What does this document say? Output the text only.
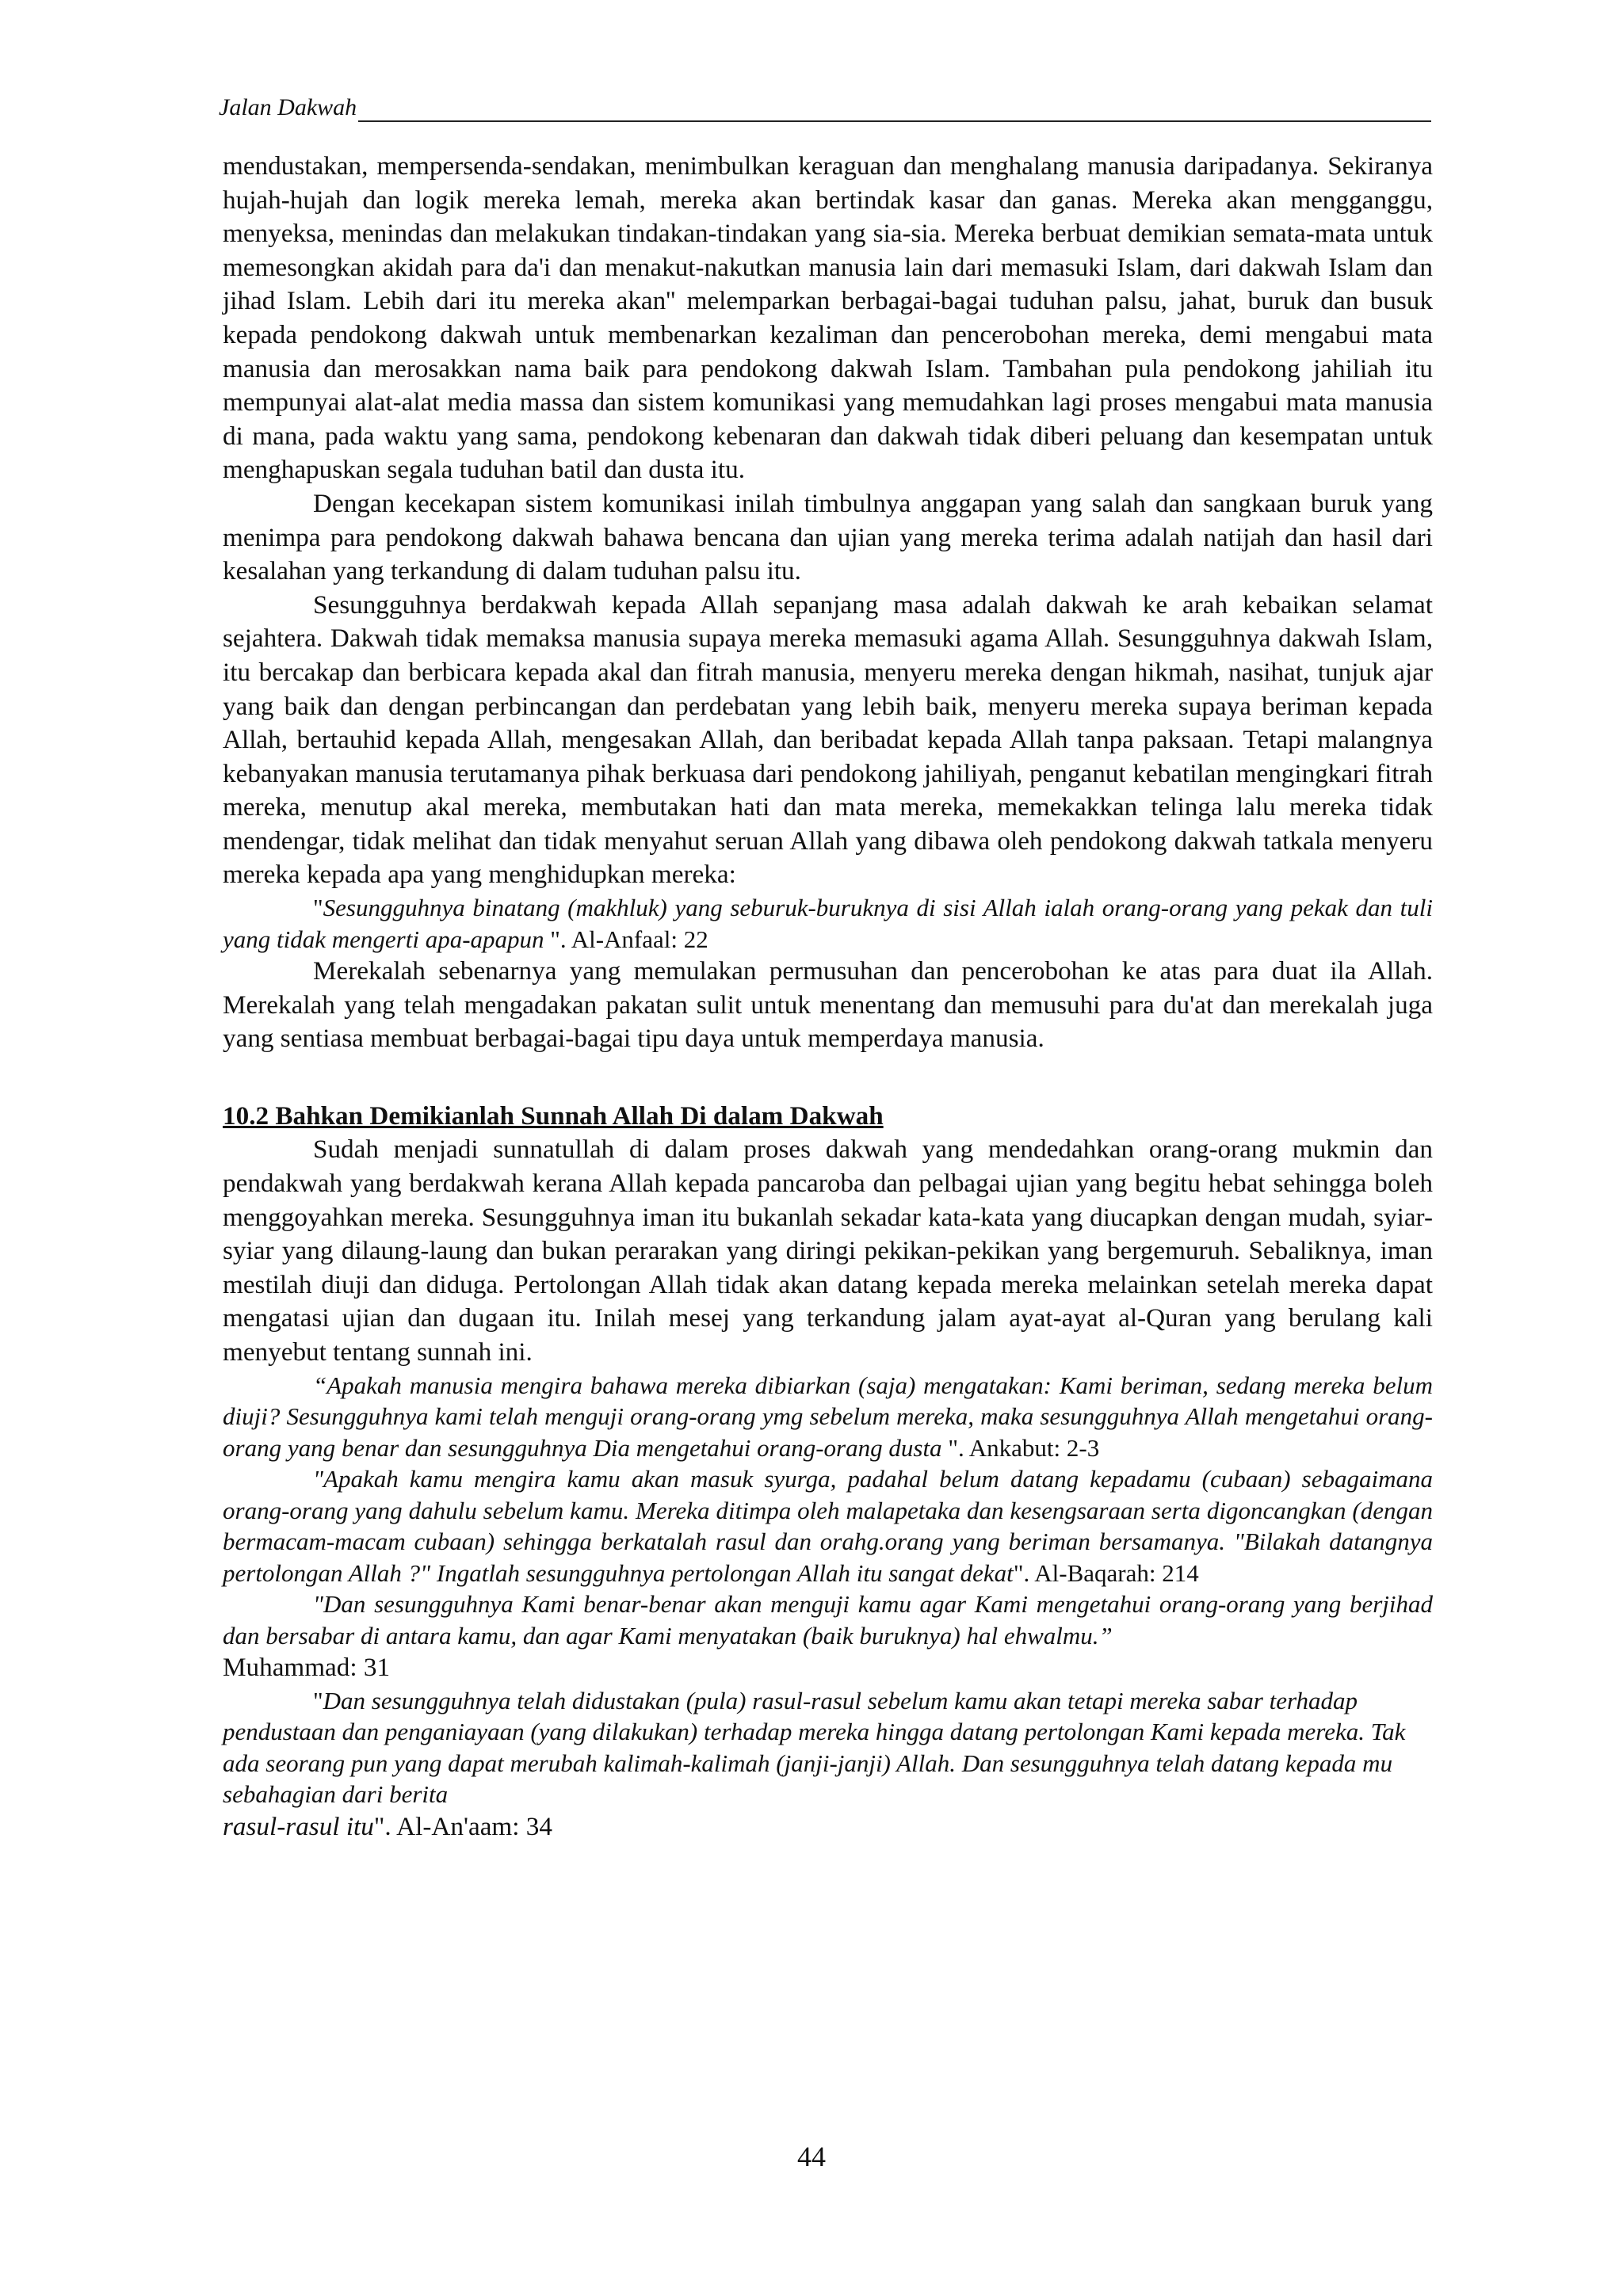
Jalan Dakwah

mendustakan, mempersenda-sendakan, menimbulkan keraguan dan menghalang manusia daripadanya. Sekiranya hujah-hujah dan logik mereka lemah, mereka akan bertindak kasar dan ganas. Mereka akan mengganggu, menyeksa, menindas dan melakukan tindakan-tindakan yang sia-sia. Mereka berbuat demikian semata-mata untuk memesongkan akidah para da'i dan menakut-nakutkan manusia lain dari memasuki Islam, dari dakwah Islam dan jihad Islam. Lebih dari itu mereka akan'' melemparkan berbagai-bagai tuduhan palsu, jahat, buruk dan busuk kepada pendokong dakwah untuk membenarkan kezaliman dan pencerobohan mereka, demi mengabui mata manusia dan merosakkan nama baik para pendokong dakwah Islam. Tambahan pula pendokong jahiliah itu mempunyai alat-alat media massa dan sistem komunikasi yang memudahkan lagi proses mengabui mata manusia di mana, pada waktu yang sama, pendokong kebenaran dan dakwah tidak diberi peluang dan kesempatan untuk menghapuskan segala tuduhan batil dan dusta itu.

Dengan kecekapan sistem komunikasi inilah timbulnya anggapan yang salah dan sangkaan buruk yang menimpa para pendokong dakwah bahawa bencana dan ujian yang mereka terima adalah natijah dan hasil dari kesalahan yang terkandung di dalam tuduhan palsu itu.

Sesungguhnya berdakwah kepada Allah sepanjang masa adalah dakwah ke arah kebaikan selamat sejahtera. Dakwah tidak memaksa manusia supaya mereka memasuki agama Allah. Sesungguhnya dakwah Islam, itu bercakap dan berbicara kepada akal dan fitrah manusia, menyeru mereka dengan hikmah, nasihat, tunjuk ajar yang baik dan dengan perbincangan dan perdebatan yang lebih baik, menyeru mereka supaya beriman kepada Allah, bertauhid kepada Allah, mengesakan Allah, dan beribadat kepada Allah tanpa paksaan. Tetapi malangnya kebanyakan manusia terutamanya pihak berkuasa dari pendokong jahiliyah, penganut kebatilan mengingkari fitrah mereka, menutup akal mereka, membutakan hati dan mata mereka, memekakkan telinga lalu mereka tidak mendengar, tidak melihat dan tidak menyahut seruan Allah yang dibawa oleh pendokong dakwah tatkala menyeru mereka kepada apa yang menghidupkan mereka:

"Sesungguhnya binatang (makhluk) yang seburuk-buruknya di sisi Allah ialah orang-orang yang pekak dan tuli yang tidak mengerti apa-apapun ". Al-Anfaal: 22

Merekalah sebenarnya yang memulakan permusuhan dan pencerobohan ke atas para duat ila Allah. Merekalah yang telah mengadakan pakatan sulit untuk menentang dan memusuhi para du'at dan merekalah juga yang sentiasa membuat berbagai-bagai tipu daya untuk memperdaya manusia.

10.2 Bahkan Demikianlah Sunnah Allah Di dalam Dakwah

Sudah menjadi sunnatullah di dalam proses dakwah yang mendedahkan orang-orang mukmin dan pendakwah yang berdakwah kerana Allah kepada pancaroba dan pelbagai ujian yang begitu hebat sehingga boleh menggoyahkan mereka. Sesungguhnya iman itu bukanlah sekadar kata-kata yang diucapkan dengan mudah, syiar-syiar yang dilaung-laung dan bukan perarakan yang diringi pekikan-pekikan yang bergemuruh. Sebaliknya, iman mestilah diuji dan diduga. Pertolongan Allah tidak akan datang kepada mereka melainkan setelah mereka dapat mengatasi ujian dan dugaan itu. Inilah mesej yang terkandung jalam ayat-ayat al-Quran yang berulang kali menyebut tentang sunnah ini.

“Apakah manusia mengira bahawa mereka dibiarkan (saja) mengatakan: Kami beriman, sedang mereka belum diuji? Sesungguhnya kami telah menguji orang-orang ymg sebelum mereka, maka sesungguhnya Allah mengetahui orang-orang yang benar dan sesungguhnya Dia mengetahui orang-orang dusta ". Ankabut: 2-3

"Apakah kamu mengira kamu akan masuk syurga, padahal belum datang kepadamu (cubaan) sebagaimana orang-orang yang dahulu sebelum kamu. Mereka ditimpa oleh malapetaka dan kesengsaraan serta digoncangkan (dengan bermacam-macam cubaan) sehingga berkatalah rasul dan orahg.orang yang beriman bersamanya. "Bilakah datangnya pertolongan Allah ?" Ingatlah sesungguhnya pertolongan Allah itu sangat dekat". Al-Baqarah: 214

"Dan sesungguhnya Kami benar-benar akan menguji kamu agar Kami mengetahui orang-orang yang berjihad dan bersabar di antara kamu, dan agar Kami menyatakan (baik buruknya) hal ehwalmu.”

Muhammad: 31

"Dan sesungguhnya telah didustakan (pula) rasul-rasul sebelum kamu akan tetapi mereka sabar terhadap pendustaan dan penganiayaan (yang dilakukan) terhadap mereka hingga datang pertolongan Kami kepada mereka. Tak ada seorang pun yang dapat merubah kalimah-kalimah (janji-janji) Allah. Dan sesungguhnya telah datang kepada mu sebahagian dari berita

rasul-rasul itu". Al-An'aam: 34

44
